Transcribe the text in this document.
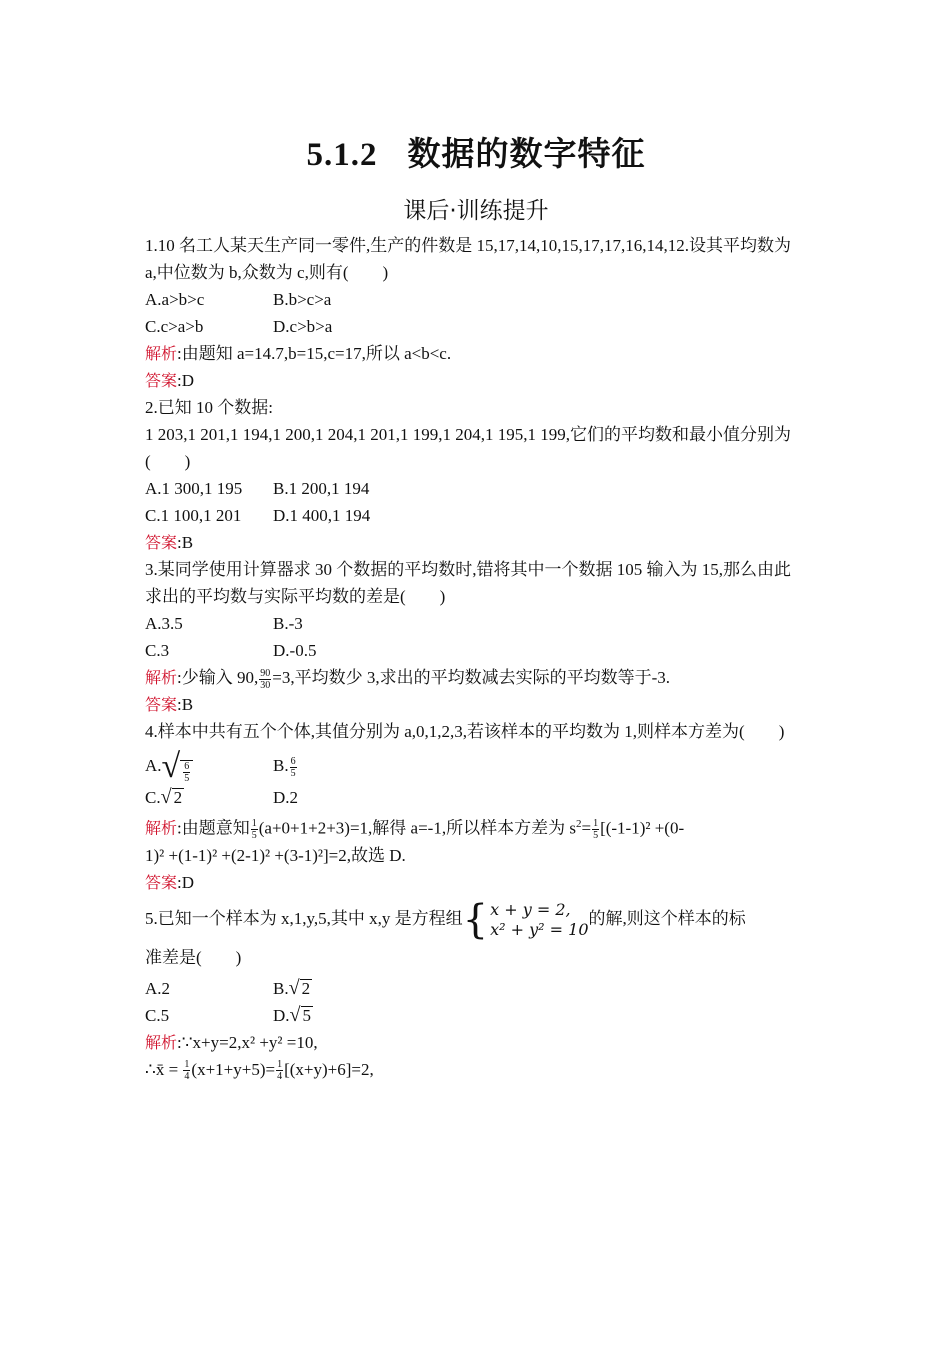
5.1.2 数据的数字特征
课后·训练提升
1.10 名工人某天生产同一零件,生产的件数是 15,17,14,10,15,17,17,16,14,12.设其平均数为 a,中位数为 b,众数为 c,则有(　　)
A.a>b>c	B.b>c>a
C.c>a>b	D.c>b>a
解析:由题知 a=14.7,b=15,c=17,所以 a<b<c.
答案:D
2.已知 10 个数据:
1 203,1 201,1 194,1 200,1 204,1 201,1 199,1 204,1 195,1 199,它们的平均数和最小值分别为(　　)
A.1 300,1 195	B.1 200,1 194
C.1 100,1 201	D.1 400,1 194
答案:B
3.某同学使用计算器求 30 个数据的平均数时,错将其中一个数据 105 输入为 15,那么由此求出的平均数与实际平均数的差是(　　)
A.3.5	B.-3
C.3	D.-0.5
解析:少输入 90, $\frac{90}{30} =3$,平均数少 3,求出的平均数减去实际的平均数等于-3.
答案:B
4.样本中共有五个个体,其值分别为 a,0,1,2,3,若该样本的平均数为 1,则样本方差为(　　)
A. √ $\frac{6}{5}$	B. $\frac{6}{5}$
C. √ 2	D.2
解析:由题意知 $\frac{1}{5} (a+0+1+2+3)=1$,解得 a=-1,所以样本方差为 $s^2= \frac{1}{5} [(-1-1)^2 +(0-$
1)² +(1-1)² +(2-1)² +(3-1)²]=2,故选 D.
答案:D
5.已知一个样本为 x,1,y,5,其中 x,y 是方程组 { x + y = 2,
x² + y² = 10
的解,则这个样本的标
准差是(　　)
A.2	B. √ 2
C.5	D. √ 5
解析:∵x+y=2,x² +y² =10,
∴x̄ = $\frac{1}{4} (x+1+y+5)= \frac{1}{4} [(x+y)+6]=2$,
